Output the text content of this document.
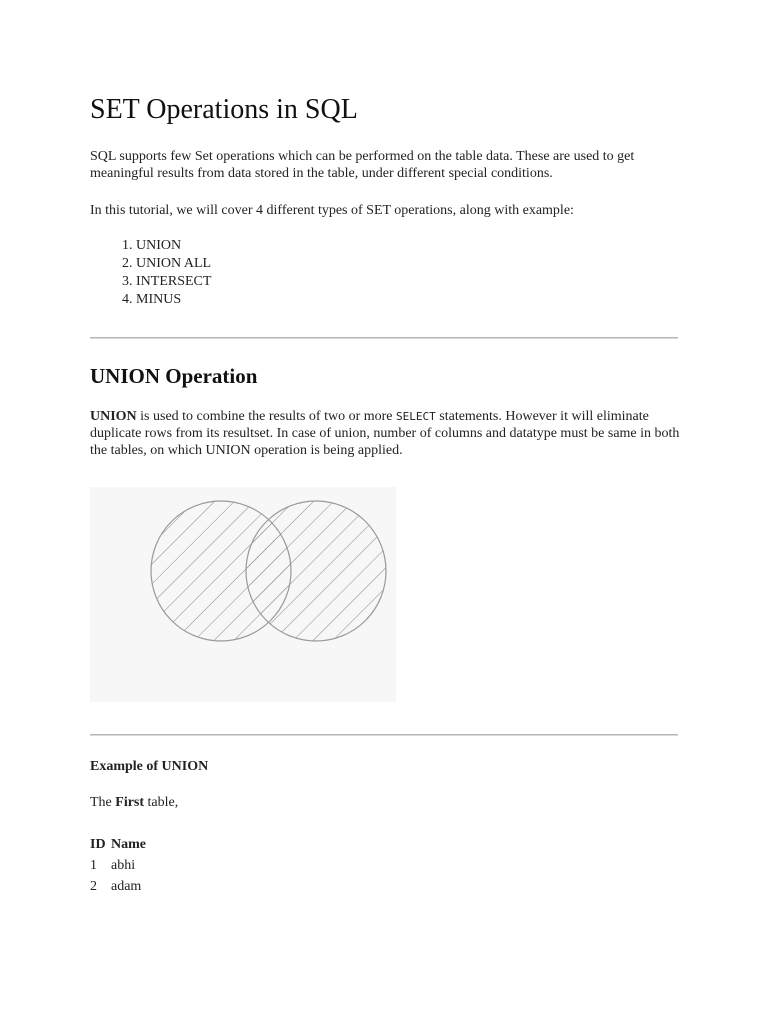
SET Operations in SQL

SQL supports few Set operations which can be performed on the table data. These are used to get meaningful results from data stored in the table, under different special conditions.

In this tutorial, we will cover 4 different types of SET operations, along with example:

1. UNION
2. UNION ALL
3. INTERSECT
4. MINUS
UNION Operation

UNION is used to combine the results of two or more SELECT statements. However it will eliminate duplicate rows from its resultset. In case of union, number of columns and datatype must be same in both the tables, on which UNION operation is being applied.

Example of UNION
The First table,
ID Name
1	abhi
2	adam
